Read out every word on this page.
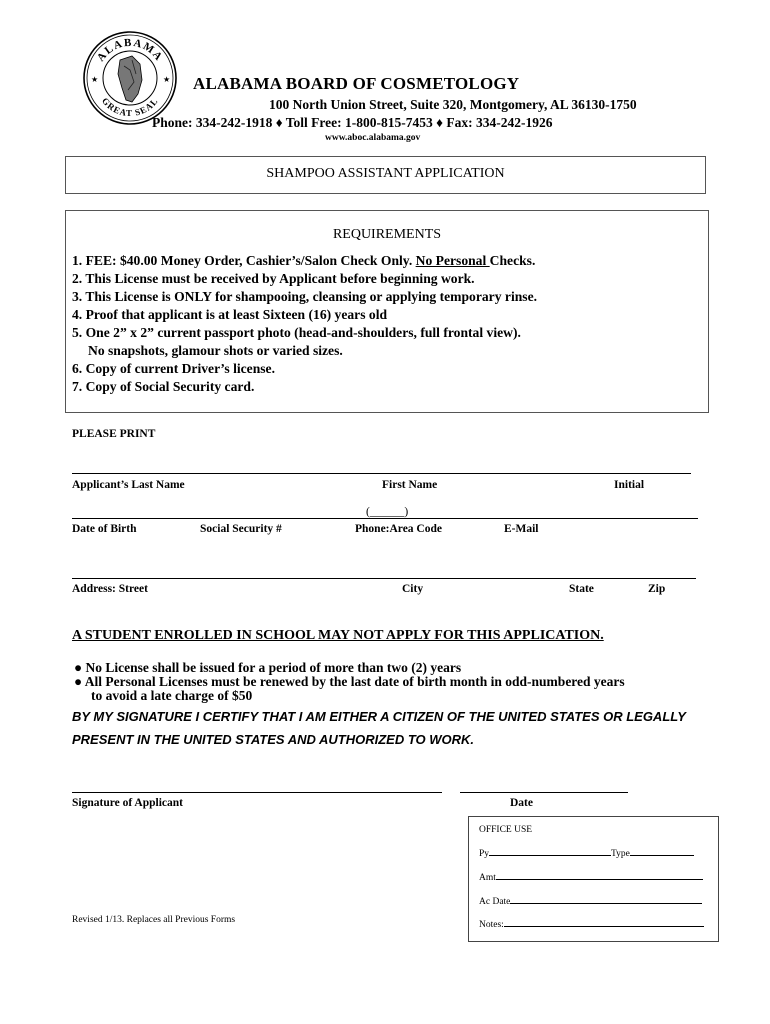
ALABAMA
GREAT SEAL
★	★ ALABAMA BOARD OF COSMETOLOGY
100 North Union Street, Suite 320, Montgomery, AL 36130-1750
Phone: 334-242-1918 ♦ Toll Free: 1-800-815-7453 ♦ Fax: 334-242-1926
www.aboc.alabama.gov
SHAMPOO ASSISTANT APPLICATION
REQUIREMENTS
1. FEE: $40.00 Money Order, Cashier’s/Salon Check Only. No Personal Checks.
2. This License must be received by Applicant before beginning work.
3. This License is ONLY for shampooing, cleansing or applying temporary rinse.
4. Proof that applicant is at least Sixteen (16) years old
5. One 2” x 2” current passport photo (head-and-shoulders, full frontal view).
No snapshots, glamour shots or varied sizes.
6. Copy of current Driver’s license.
7. Copy of Social Security card.
PLEASE PRINT
Applicant’s Last Name	First Name	Initial
(______)
Date of Birth	Social Security #	Phone:Area Code	E-Mail
Address: Street	City	State	Zip
A STUDENT ENROLLED IN SCHOOL MAY NOT APPLY FOR THIS APPLICATION.
● No License shall be issued for a period of more than two (2) years
● All Personal Licenses must be renewed by the last date of birth month in odd-numbered years
to avoid a late charge of $50
BY MY SIGNATURE I CERTIFY THAT I AM EITHER A CITIZEN OF THE UNITED STATES OR LEGALLY
PRESENT IN THE UNITED STATES AND AUTHORIZED TO WORK.
Signature of Applicant	Date
OFFICE USE
Py	Type
Amt
Ac Date
Notes:
Revised 1/13. Replaces all Previous Forms
